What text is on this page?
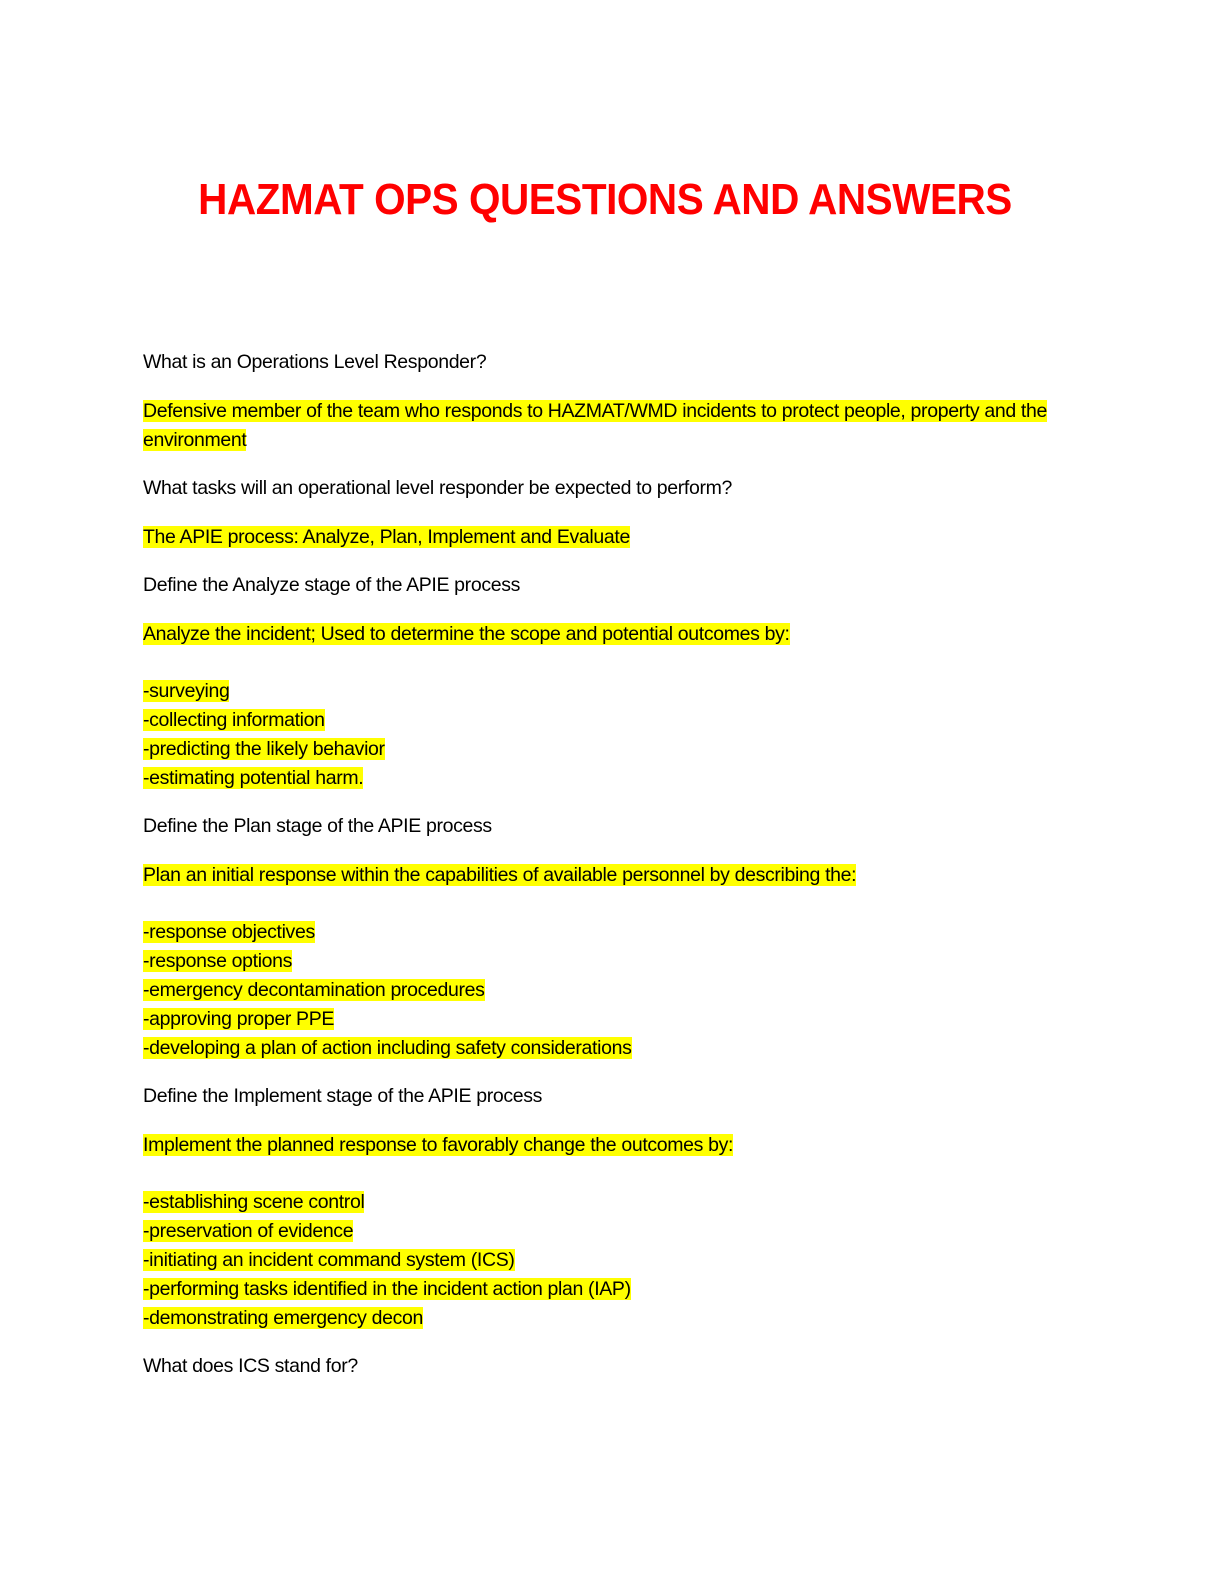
HAZMAT OPS QUESTIONS AND ANSWERS
What is an Operations Level Responder?
Defensive member of the team who responds to HAZMAT/WMD incidents to protect people, property and the
environment
What tasks will an operational level responder be expected to perform?
The APIE process: Analyze, Plan, Implement and Evaluate
Define the Analyze stage of the APIE process
Analyze the incident; Used to determine the scope and potential outcomes by:
-surveying
-collecting information
-predicting the likely behavior
-estimating potential harm.
Define the Plan stage of the APIE process
Plan an initial response within the capabilities of available personnel by describing the:
-response objectives
-response options
-emergency decontamination procedures
-approving proper PPE
-developing a plan of action including safety considerations
Define the Implement stage of the APIE process
Implement the planned response to favorably change the outcomes by:
-establishing scene control
-preservation of evidence
-initiating an incident command system (ICS)
-performing tasks identified in the incident action plan (IAP)
-demonstrating emergency decon
What does ICS stand for?
